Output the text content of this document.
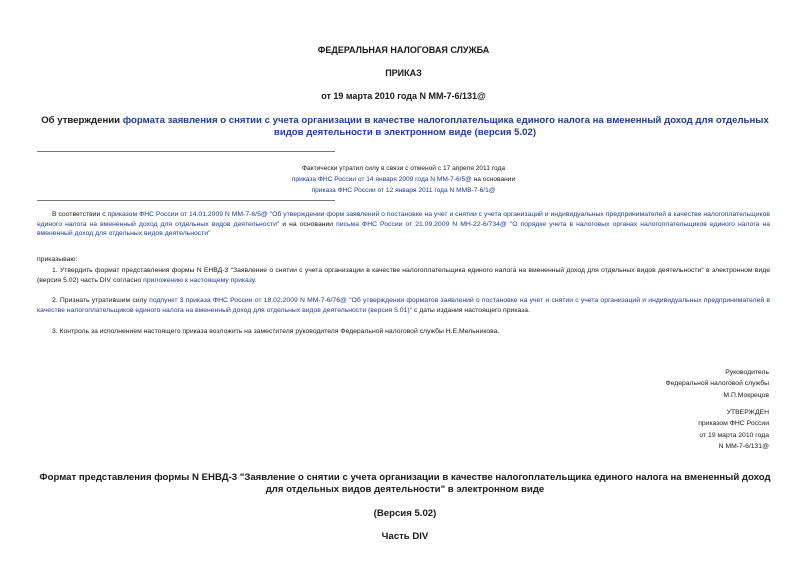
ФЕДЕРАЛЬНАЯ НАЛОГОВАЯ СЛУЖБА
ПРИКАЗ
от 19 марта 2010 года N ММ-7-6/131@
Об утверждении формата заявления о снятии с учета организации в качестве налогоплательщика единого налога на вмененный доход для отдельных видов деятельности в электронном виде (версия 5.02)
Фактически утратил силу в связи с отменой с 17 апреля 2011 года
приказа ФНС России от 14 января 2009 года N ММ-7-6/5@ на основании
приказа ФНС России от 12 января 2011 года N ММВ-7-6/1@
В соответствии с приказом ФНС России от 14.01.2009 N ММ-7-6/5@ "Об утверждении форм заявлений о постановке на учет и снятии с учета организаций и индивидуальных предпринимателей в качестве налогоплательщиков единого налога на вмененный доход для отдельных видов деятельности" и на основании письма ФНС России от 21.09.2009 N МН-22-6/734@ "О порядке учета в налоговых органах налогоплательщиков единого налога на вмененный доход для отдельных видов деятельности"
приказываю:
1. Утвердить формат представления формы N ЕНВД-3 "Заявление о снятии с учета организации в качестве налогоплательщика единого налога на вмененный доход для отдельных видов деятельности" в электронном виде (версия 5.02) часть DIV согласно приложению к настоящему приказу.
2. Признать утратившим силу подпункт 3 приказа ФНС России от 18.02.2009 N ММ-7-6/76@ "Об утверждении форматов заявлений о постановке на учет и снятии с учета организаций и индивидуальных предпринимателей в качестве налогоплательщиков единого налога на вмененный доход для отдельных видов деятельности (версия 5.01)" с даты издания настоящего приказа.
3. Контроль за исполнением настоящего приказа возложить на заместителя руководителя Федеральной налоговой службы Н.Е.Мельникова.
Руководитель
Федеральной налоговой службы
М.П.Мокрецов
УТВЕРЖДЕН
приказом ФНС России
от 19 марта 2010 года
N ММ-7-6/131@
Формат представления формы N ЕНВД-3 "Заявление о снятии с учета организации в качестве налогоплательщика единого налога на вмененный доход для отдельных видов деятельности" в электронном виде
(Версия 5.02)
Часть DIV
